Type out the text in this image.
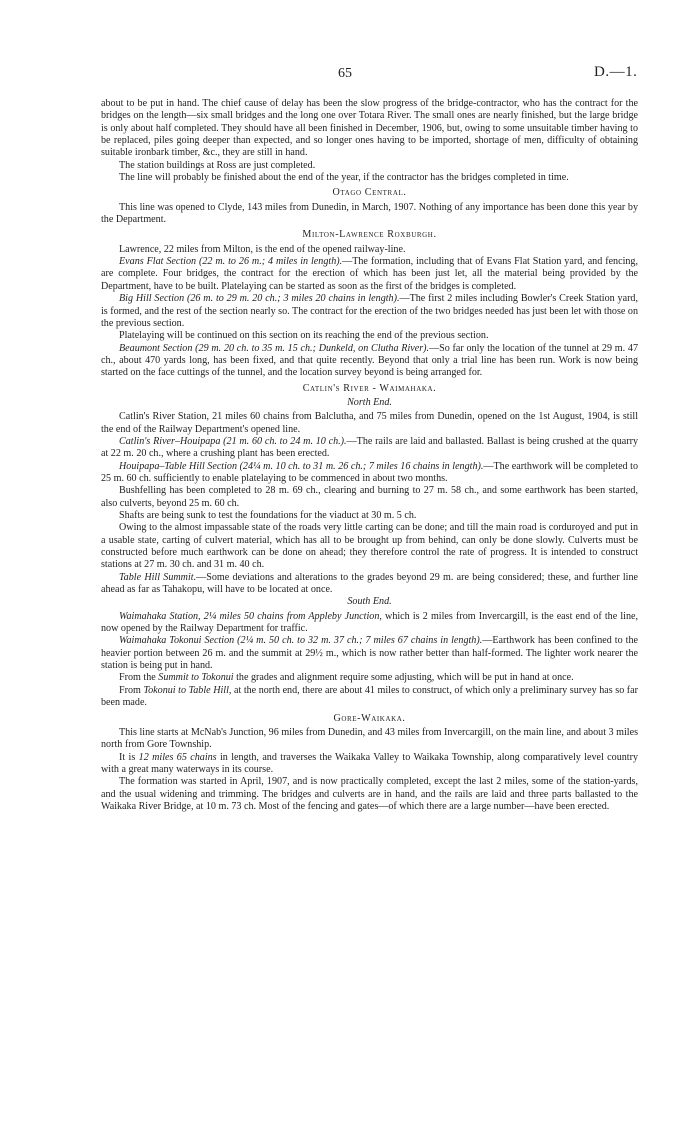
65	D.—1.

about to be put in hand. The chief cause of delay has been the slow progress of the bridge-contractor, who has the contract for the bridges on the length—six small bridges and the long one over Totara River. The small ones are nearly finished, but the large bridge is only about half completed. They should have all been finished in December, 1906, but, owing to some unsuitable timber having to be replaced, piles going deeper than expected, and so longer ones having to be imported, shortage of men, difficulty of obtaining suitable ironbark timber, &c., they are still in hand.

The station buildings at Ross are just completed.

The line will probably be finished about the end of the year, if the contractor has the bridges completed in time.

Otago Central.

This line was opened to Clyde, 143 miles from Dunedin, in March, 1907. Nothing of any importance has been done this year by the Department.

Milton-Lawrence Roxburgh.

Lawrence, 22 miles from Milton, is the end of the opened railway-line.

Evans Flat Section (22 m. to 26 m.; 4 miles in length).—The formation, including that of Evans Flat Station yard, and fencing, are complete. Four bridges, the contract for the erection of which has been just let, all the material being provided by the Department, have to be built. Platelaying can be started as soon as the first of the bridges is completed.

Big Hill Section (26 m. to 29 m. 20 ch.; 3 miles 20 chains in length).—The first 2 miles including Bowler's Creek Station yard, is formed, and the rest of the section nearly so. The contract for the erection of the two bridges needed has just been let with those on the previous section.

Platelaying will be continued on this section on its reaching the end of the previous section.

Beaumont Section (29 m. 20 ch. to 35 m. 15 ch.; Dunkeld, on Clutha River).—So far only the location of the tunnel at 29 m. 47 ch., about 470 yards long, has been fixed, and that quite recently. Beyond that only a trial line has been run. Work is now being started on the face cuttings of the tunnel, and the location survey beyond is being arranged for.

Catlin's River - Waimahaka.
North End.

Catlin's River Station, 21 miles 60 chains from Balclutha, and 75 miles from Dunedin, opened on the 1st August, 1904, is still the end of the Railway Department's opened line.

Catlin's River–Houipapa (21 m. 60 ch. to 24 m. 10 ch.).—The rails are laid and ballasted. Ballast is being crushed at the quarry at 22 m. 20 ch., where a crushing plant has been erected.

Houipapa–Table Hill Section (24¼ m. 10 ch. to 31 m. 26 ch.; 7 miles 16 chains in length).—The earthwork will be completed to 25 m. 60 ch. sufficiently to enable platelaying to be commenced in about two months.

Bushfelling has been completed to 28 m. 69 ch., clearing and burning to 27 m. 58 ch., and some earthwork has been started, also culverts, beyond 25 m. 60 ch.

Shafts are being sunk to test the foundations for the viaduct at 30 m. 5 ch.

Owing to the almost impassable state of the roads very little carting can be done; and till the main road is corduroyed and put in a usable state, carting of culvert material, which has all to be brought up from behind, can only be done slowly. Culverts must be constructed before much earthwork can be done on ahead; they therefore control the rate of progress. It is intended to construct stations at 27 m. 30 ch. and 31 m. 40 ch.

Table Hill Summit.—Some deviations and alterations to the grades beyond 29 m. are being considered; these, and further line ahead as far as Tahakopu, will have to be located at once.

South End.

Waimahaka Station, 2¼ miles 50 chains from Appleby Junction, which is 2 miles from Invercargill, is the east end of the line, now opened by the Railway Department for traffic.

Waimahaka Tokonui Section (2¼ m. 50 ch. to 32 m. 37 ch.; 7 miles 67 chains in length).—Earthwork has been confined to the heavier portion between 26 m. and the summit at 29½ m., which is now rather better than half-formed. The lighter work nearer the station is being put in hand.

From the Summit to Tokonui the grades and alignment require some adjusting, which will be put in hand at once.

From Tokonui to Table Hill, at the north end, there are about 41 miles to construct, of which only a preliminary survey has so far been made.

Gore-Waikaka.

This line starts at McNab's Junction, 96 miles from Dunedin, and 43 miles from Invercargill, on the main line, and about 3 miles north from Gore Township.

It is 12 miles 65 chains in length, and traverses the Waikaka Valley to Waikaka Township, along comparatively level country with a great many waterways in its course.

The formation was started in April, 1907, and is now practically completed, except the last 2 miles, some of the station-yards, and the usual widening and trimming. The bridges and culverts are in hand, and the rails are laid and three parts ballasted to the Waikaka River Bridge, at 10 m. 73 ch. Most of the fencing and gates—of which there are a large number—have been erected.
